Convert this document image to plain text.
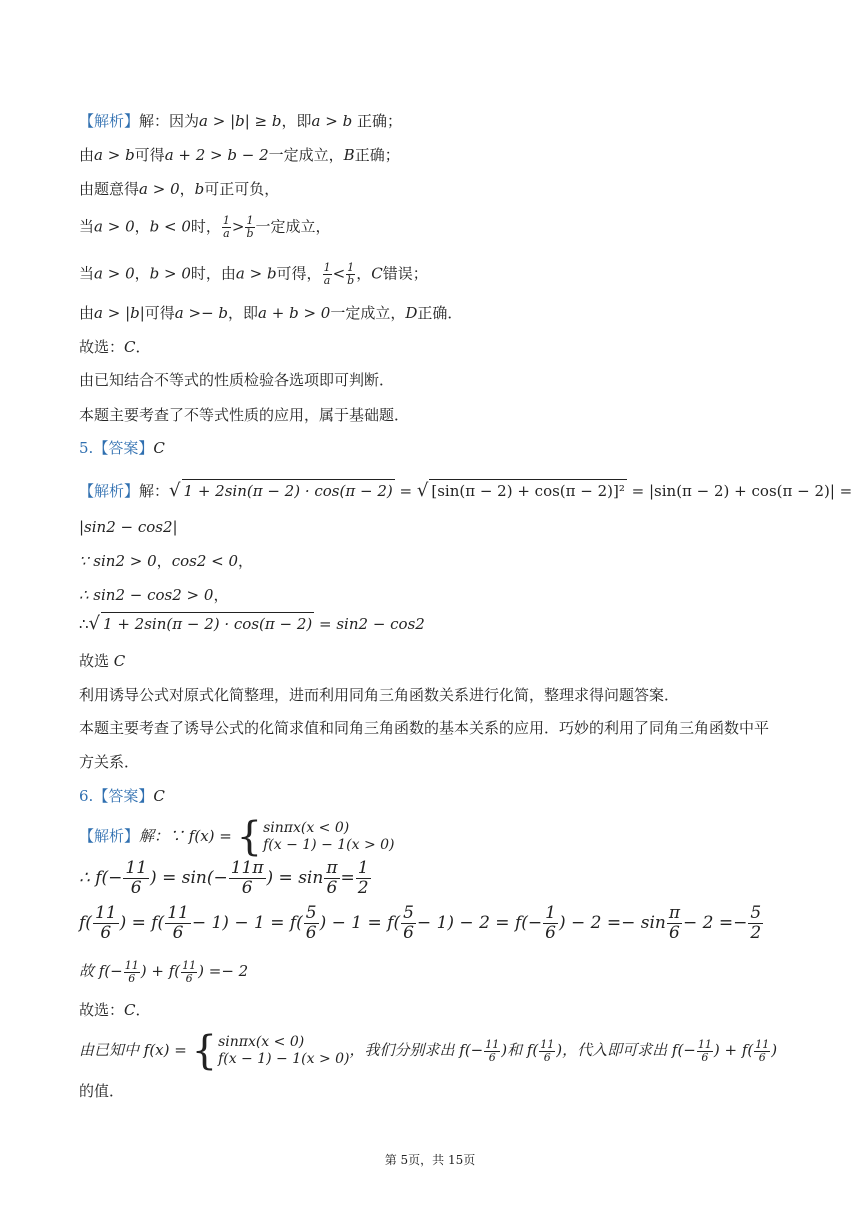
【解析】解：因为a > |b| ≥ b，即a > b 正确；
由a > b可得a + 2 > b − 2一定成立，B正确；
由题意得a > 0，b可正可负，
当a > 0，b < 0时， $\frac{1}{a} > \frac{1}{b}$ 一定成立，
当a > 0，b > 0时，由a > b可得， $\frac{1}{a} < \frac{1}{b}$ ，C错误；
由a > |b|可得a >− b，即a + b > 0一定成立，D正确．
故选：C．
由已知结合不等式的性质检验各选项即可判断．
本题主要考查了不等式性质的应用，属于基础题．
5.【答案】C
【解析】解：√ 1 + 2sin(π − 2) · cos(π − 2) = √ [sin(π − 2) + cos(π − 2)]² = |sin(π − 2) + cos(π − 2)| =
|sin2 − cos2|
∵ sin2 > 0，cos2 < 0，
∴ sin2 − cos2 > 0，
∴√ 1 + 2sin(π − 2) · cos(π − 2) = sin2 − cos2
故选 C
利用诱导公式对原式化简整理，进而利用同角三角函数关系进行化简，整理求得问题答案．
本题主要考查了诱导公式的化简求值和同角三角函数的基本关系的应用．巧妙的利用了同角三角函数中平
方关系．
6.【答案】C
【解析】解：∵ f(x) = { sinπx(x < 0)
f(x − 1) − 1(x > 0)
∴ $f(- \frac{11}{6}$ ) = $\sin(- \frac{11\pi}{6}$ ) = $\sin \frac{\pi}{6} = \frac{1}{2}$
$f( \frac{11}{6}$ ) = $f( \frac{11}{6} - 1) - 1 = f( \frac{5}{6}$ ) − $1 = f( \frac{5}{6} - 1) - 2 = f(- \frac{1}{6}$ ) − $2 =- \sin \frac{\pi}{6} - 2 =- \frac{5}{2}$
故 $f(- \frac{11}{6}$ ) + $f( \frac{11}{6}$ ) =− 2
故选：C．
由已知中 f(x) = { sinπx(x < 0)
f(x − 1) − 1(x > 0) ，我们分别求出 $f(- \frac{11}{6}$ )和 $f( \frac{11}{6}$ )，代入即可求出 $f(- \frac{11}{6}$ ) + $f( \frac{11}{6}$ )
的值．
第 5页，共 15页
